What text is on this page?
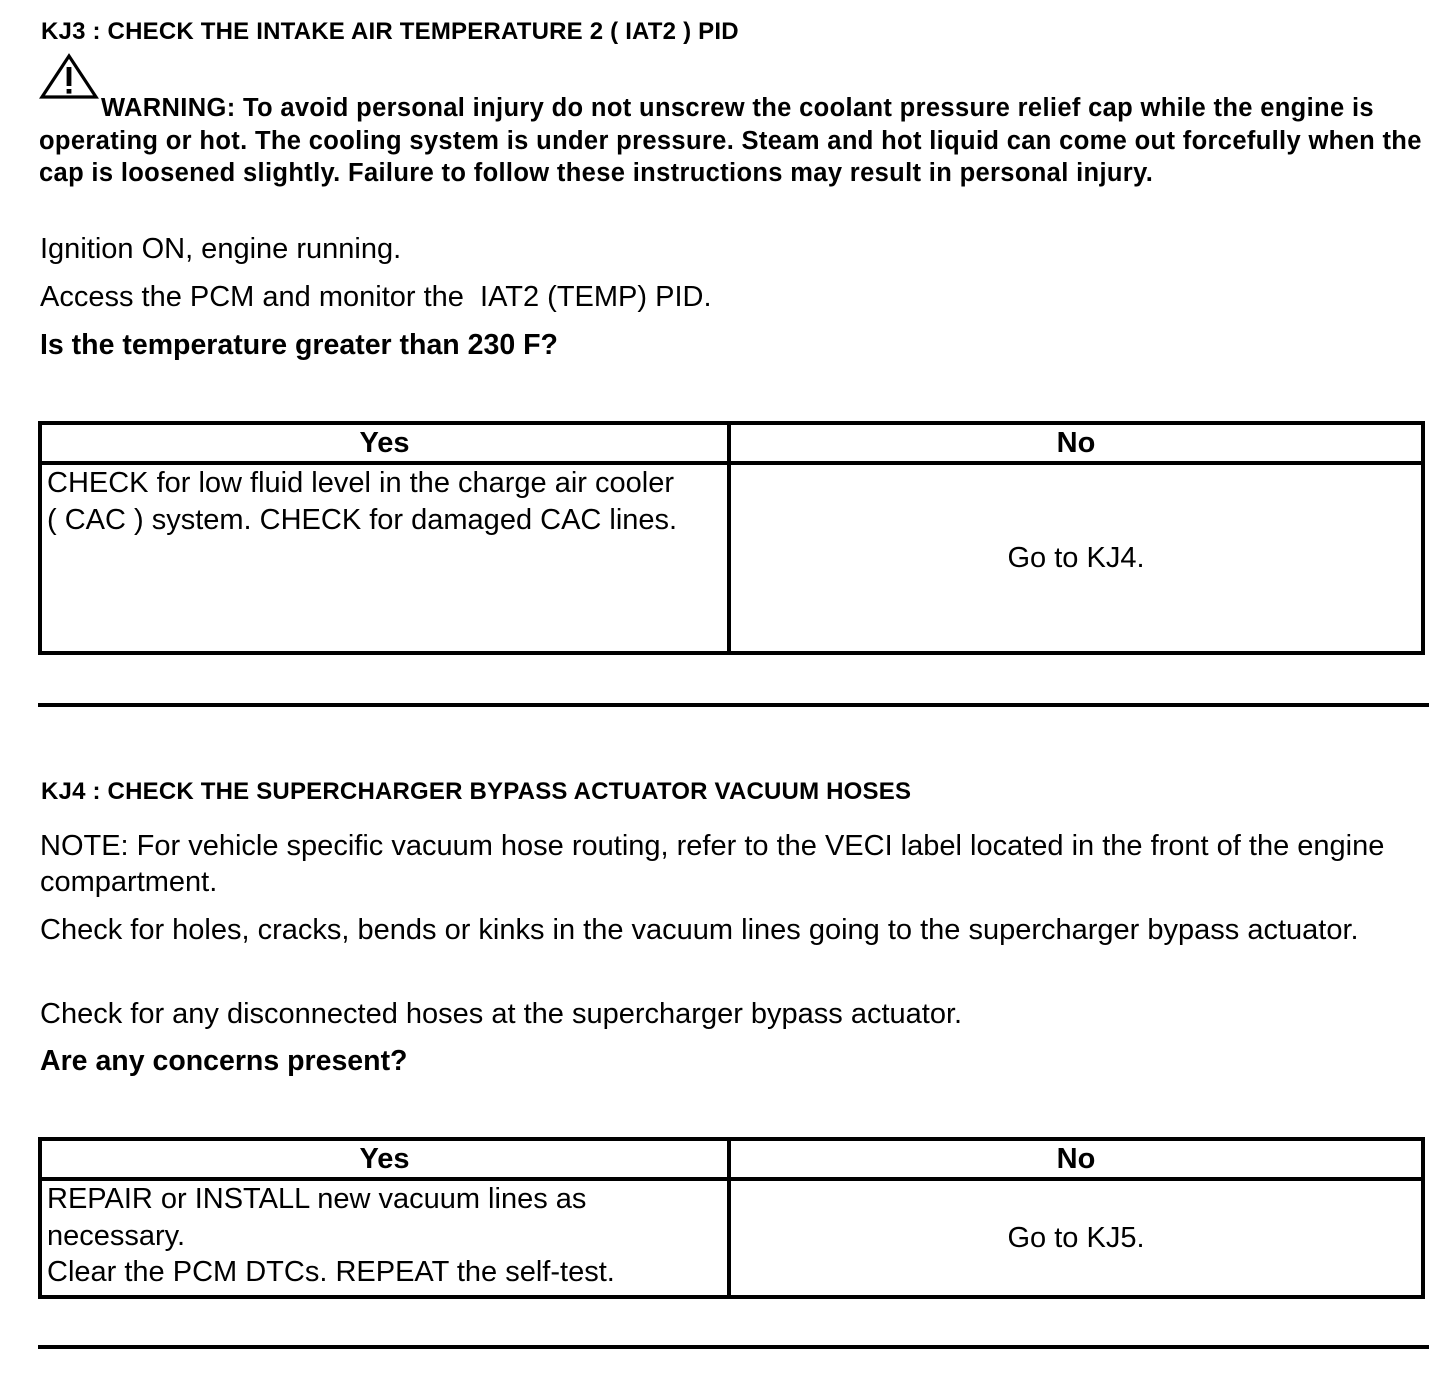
KJ3 : CHECK THE INTAKE AIR TEMPERATURE 2 ( IAT2 ) PID
WARNING: To avoid personal injury do not unscrew the coolant pressure relief cap while the engine is operating or hot. The cooling system is under pressure. Steam and hot liquid can come out forcefully when the cap is loosened slightly. Failure to follow these instructions may result in personal injury.
Ignition ON, engine running.
Access the PCM and monitor the  IAT2 (TEMP) PID.
Is the temperature greater than 230 F?
Yes	No

CHECK for low fluid level in the charge air cooler ( CAC ) system. CHECK for damaged CAC lines.	Go to KJ4.
KJ4 : CHECK THE SUPERCHARGER BYPASS ACTUATOR VACUUM HOSES
NOTE: For vehicle specific vacuum hose routing, refer to the VECI label located in the front of the engine compartment.
Check for holes, cracks, bends or kinks in the vacuum lines going to the supercharger bypass actuator.
Check for any disconnected hoses at the supercharger bypass actuator.
Are any concerns present?
Yes	No

REPAIR or INSTALL new vacuum lines as necessary.
Clear the PCM DTCs. REPEAT the self-test.	Go to KJ5.
